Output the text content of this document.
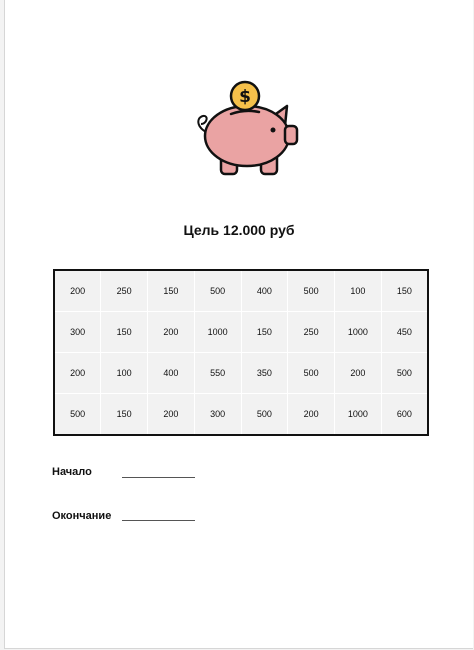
$
Цель 12.000 руб
200	250	150	500	400	500	100	150
300	150	200	1000	150	250	1000	450
200	100	400	550	350	500	200	500
500	150	200	300	500	200	1000	600
Начало
Окончание
